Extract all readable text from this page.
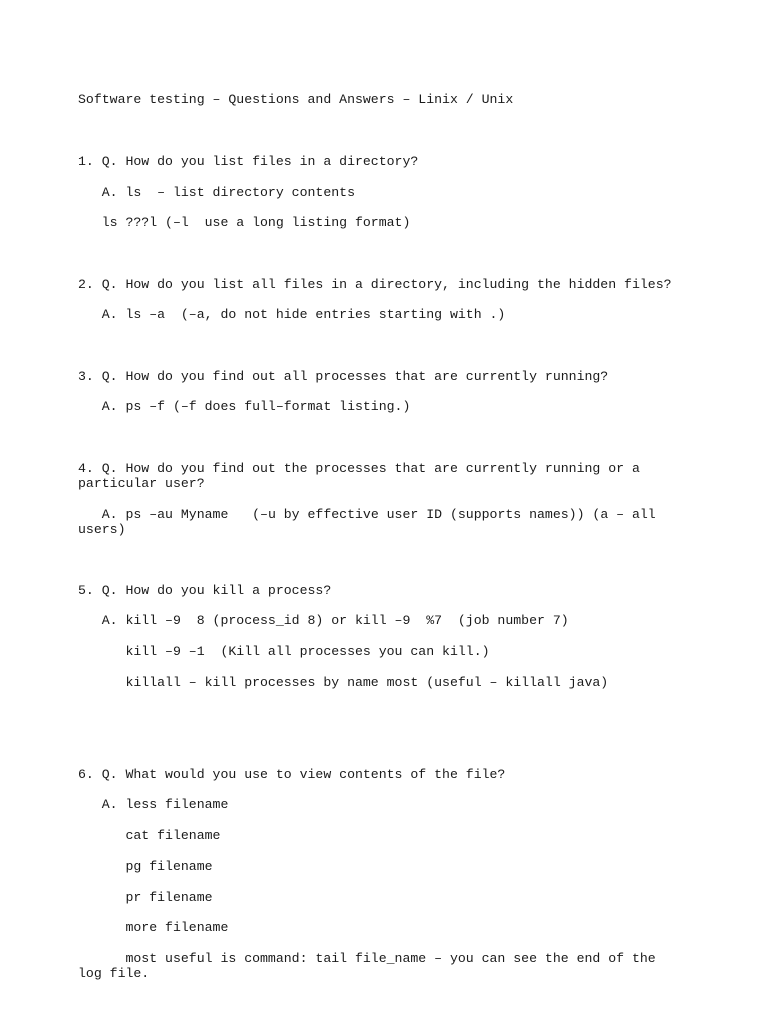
Software testing – Questions and Answers – Linix / Unix

1. Q. How do you list files in a directory?

A. ls  – list directory contents

ls ???l (–l  use a long listing format)

2. Q. How do you list all files in a directory, including the hidden files?

A. ls –a  (–a, do not hide entries starting with .)

3. Q. How do you find out all processes that are currently running?

A. ps –f (–f does full–format listing.)

4. Q. How do you find out the processes that are currently running or a particular user?

A. ps –au Myname   (–u by effective user ID (supports names)) (a – all users)

5. Q. How do you kill a process?

A. kill –9  8 (process_id 8) or kill –9  %7  (job number 7)

kill –9 –1  (Kill all processes you can kill.)

killall – kill processes by name most (useful – killall java)

6. Q. What would you use to view contents of the file?

A. less filename

cat filename

pg filename

pr filename

more filename

most useful is command: tail file_name – you can see the end of the log file.
